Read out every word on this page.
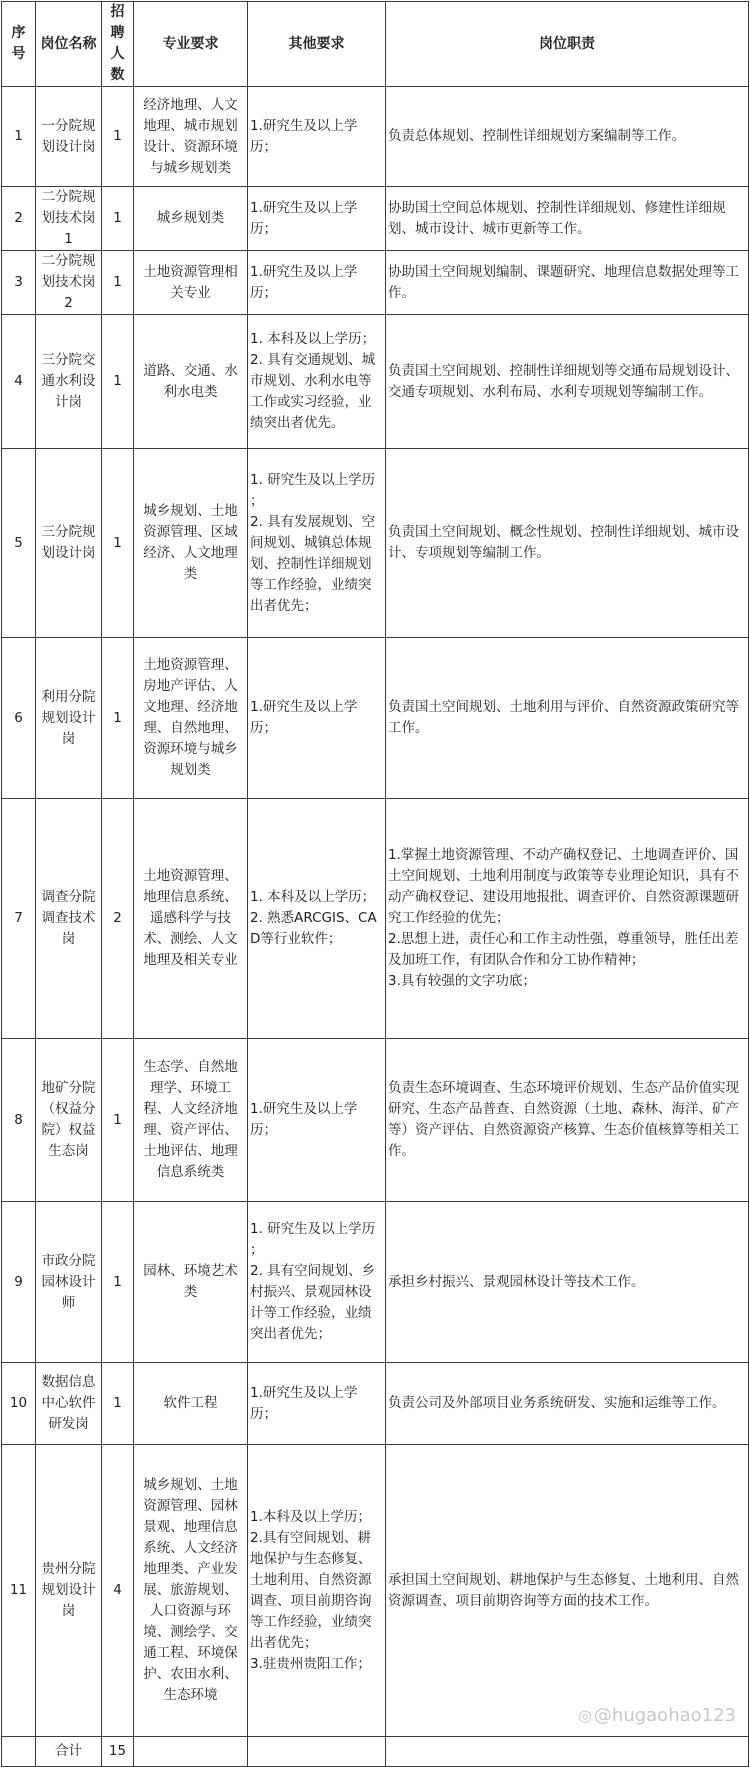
序号	岗位名称	招聘人数	专业要求	其他要求	岗位职责
1	一分院规划设计岗	1	经济地理、人文地理、城市规划设计、资源环境与城乡规划类	1.研究生及以上学历；	负责总体规划、控制性详细规划方案编制等工作。
2	二分院规划技术岗1	1	城乡规划类	1.研究生及以上学历；	协助国土空间总体规划、控制性详细规划、修建性详细规划、城市设计、城市更新等工作。
3	二分院规划技术岗2	1	土地资源管理相关专业	1.研究生及以上学历；	协助国土空间规划编制、课题研究、地理信息数据处理等工作。
4	三分院交通水利设计岗	1	道路、交通、水利水电类	1. 本科及以上学历；
2. 具有交通规划、城市规划、水利水电等工作或实习经验，业绩突出者优先。	负责国土空间规划、控制性详细规划等交通布局规划设计、交通专项规划、水利布局、水利专项规划等编制工作。
5	三分院规划设计岗	1	城乡规划、土地资源管理、区域经济、人文地理类	1. 研究生及以上学历
；
2. 具有发展规划、空间规划、城镇总体规划、控制性详细规划等工作经验，业绩突出者优先；	负责国土空间规划、概念性规划、控制性详细规划、城市设计、专项规划等编制工作。
6	利用分院规划设计岗	1	土地资源管理、房地产评估、人文地理、经济地理、自然地理、资源环境与城乡规划类	1.研究生及以上学历；	负责国土空间规划、土地利用与评价、自然资源政策研究等工作。
7	调查分院调查技术岗	2	土地资源管理、地理信息系统、遥感科学与技术、测绘、人文地理及相关专业	1. 本科及以上学历；
2. 熟悉ARCGIS、CAD等行业软件；	1.掌握土地资源管理、不动产确权登记、土地调查评价、国土空间规划、土地利用制度与政策等专业理论知识，具有不动产确权登记、建设用地报批、调查评价、自然资源课题研究工作经验的优先；
2.思想上进，责任心和工作主动性强，尊重领导，胜任出差及加班工作，有团队合作和分工协作精神；
3.具有较强的文字功底；
8	地矿分院（权益分院）权益生态岗	1	生态学、自然地理学、环境工程、人文经济地理、资产评估、土地评估、地理信息系统类	1.研究生及以上学历；	负责生态环境调查、生态环境评价规划、生态产品价值实现研究、生态产品普查、自然资源（土地、森林、海洋、矿产等）资产评估、自然资源资产核算、生态价值核算等相关工作。
9	市政分院园林设计师	1	园林、环境艺术类	1. 研究生及以上学历
；
2. 具有空间规划、乡村振兴、景观园林设计等工作经验，业绩突出者优先；	承担乡村振兴、景观园林设计等技术工作。
10	数据信息中心软件研发岗	1	软件工程	1.研究生及以上学历；	负责公司及外部项目业务系统研发、实施和运维等工作。
11	贵州分院规划设计岗	4	城乡规划、土地资源管理、园林景观、地理信息系统、人文经济地理类、产业发展、旅游规划、人口资源与环境、测绘学、交通工程、环境保护、农田水利、生态环境	1.本科及以上学历；
2.具有空间规划、耕地保护与生态修复、土地利用、自然资源调查、项目前期咨询等工作经验，业绩突出者优先；
3.驻贵州贵阳工作；	承担国土空间规划、耕地保护与生态修复、土地利用、自然资源调查、项目前期咨询等方面的技术工作。
	合计	15			
◎ @hugaohao123
